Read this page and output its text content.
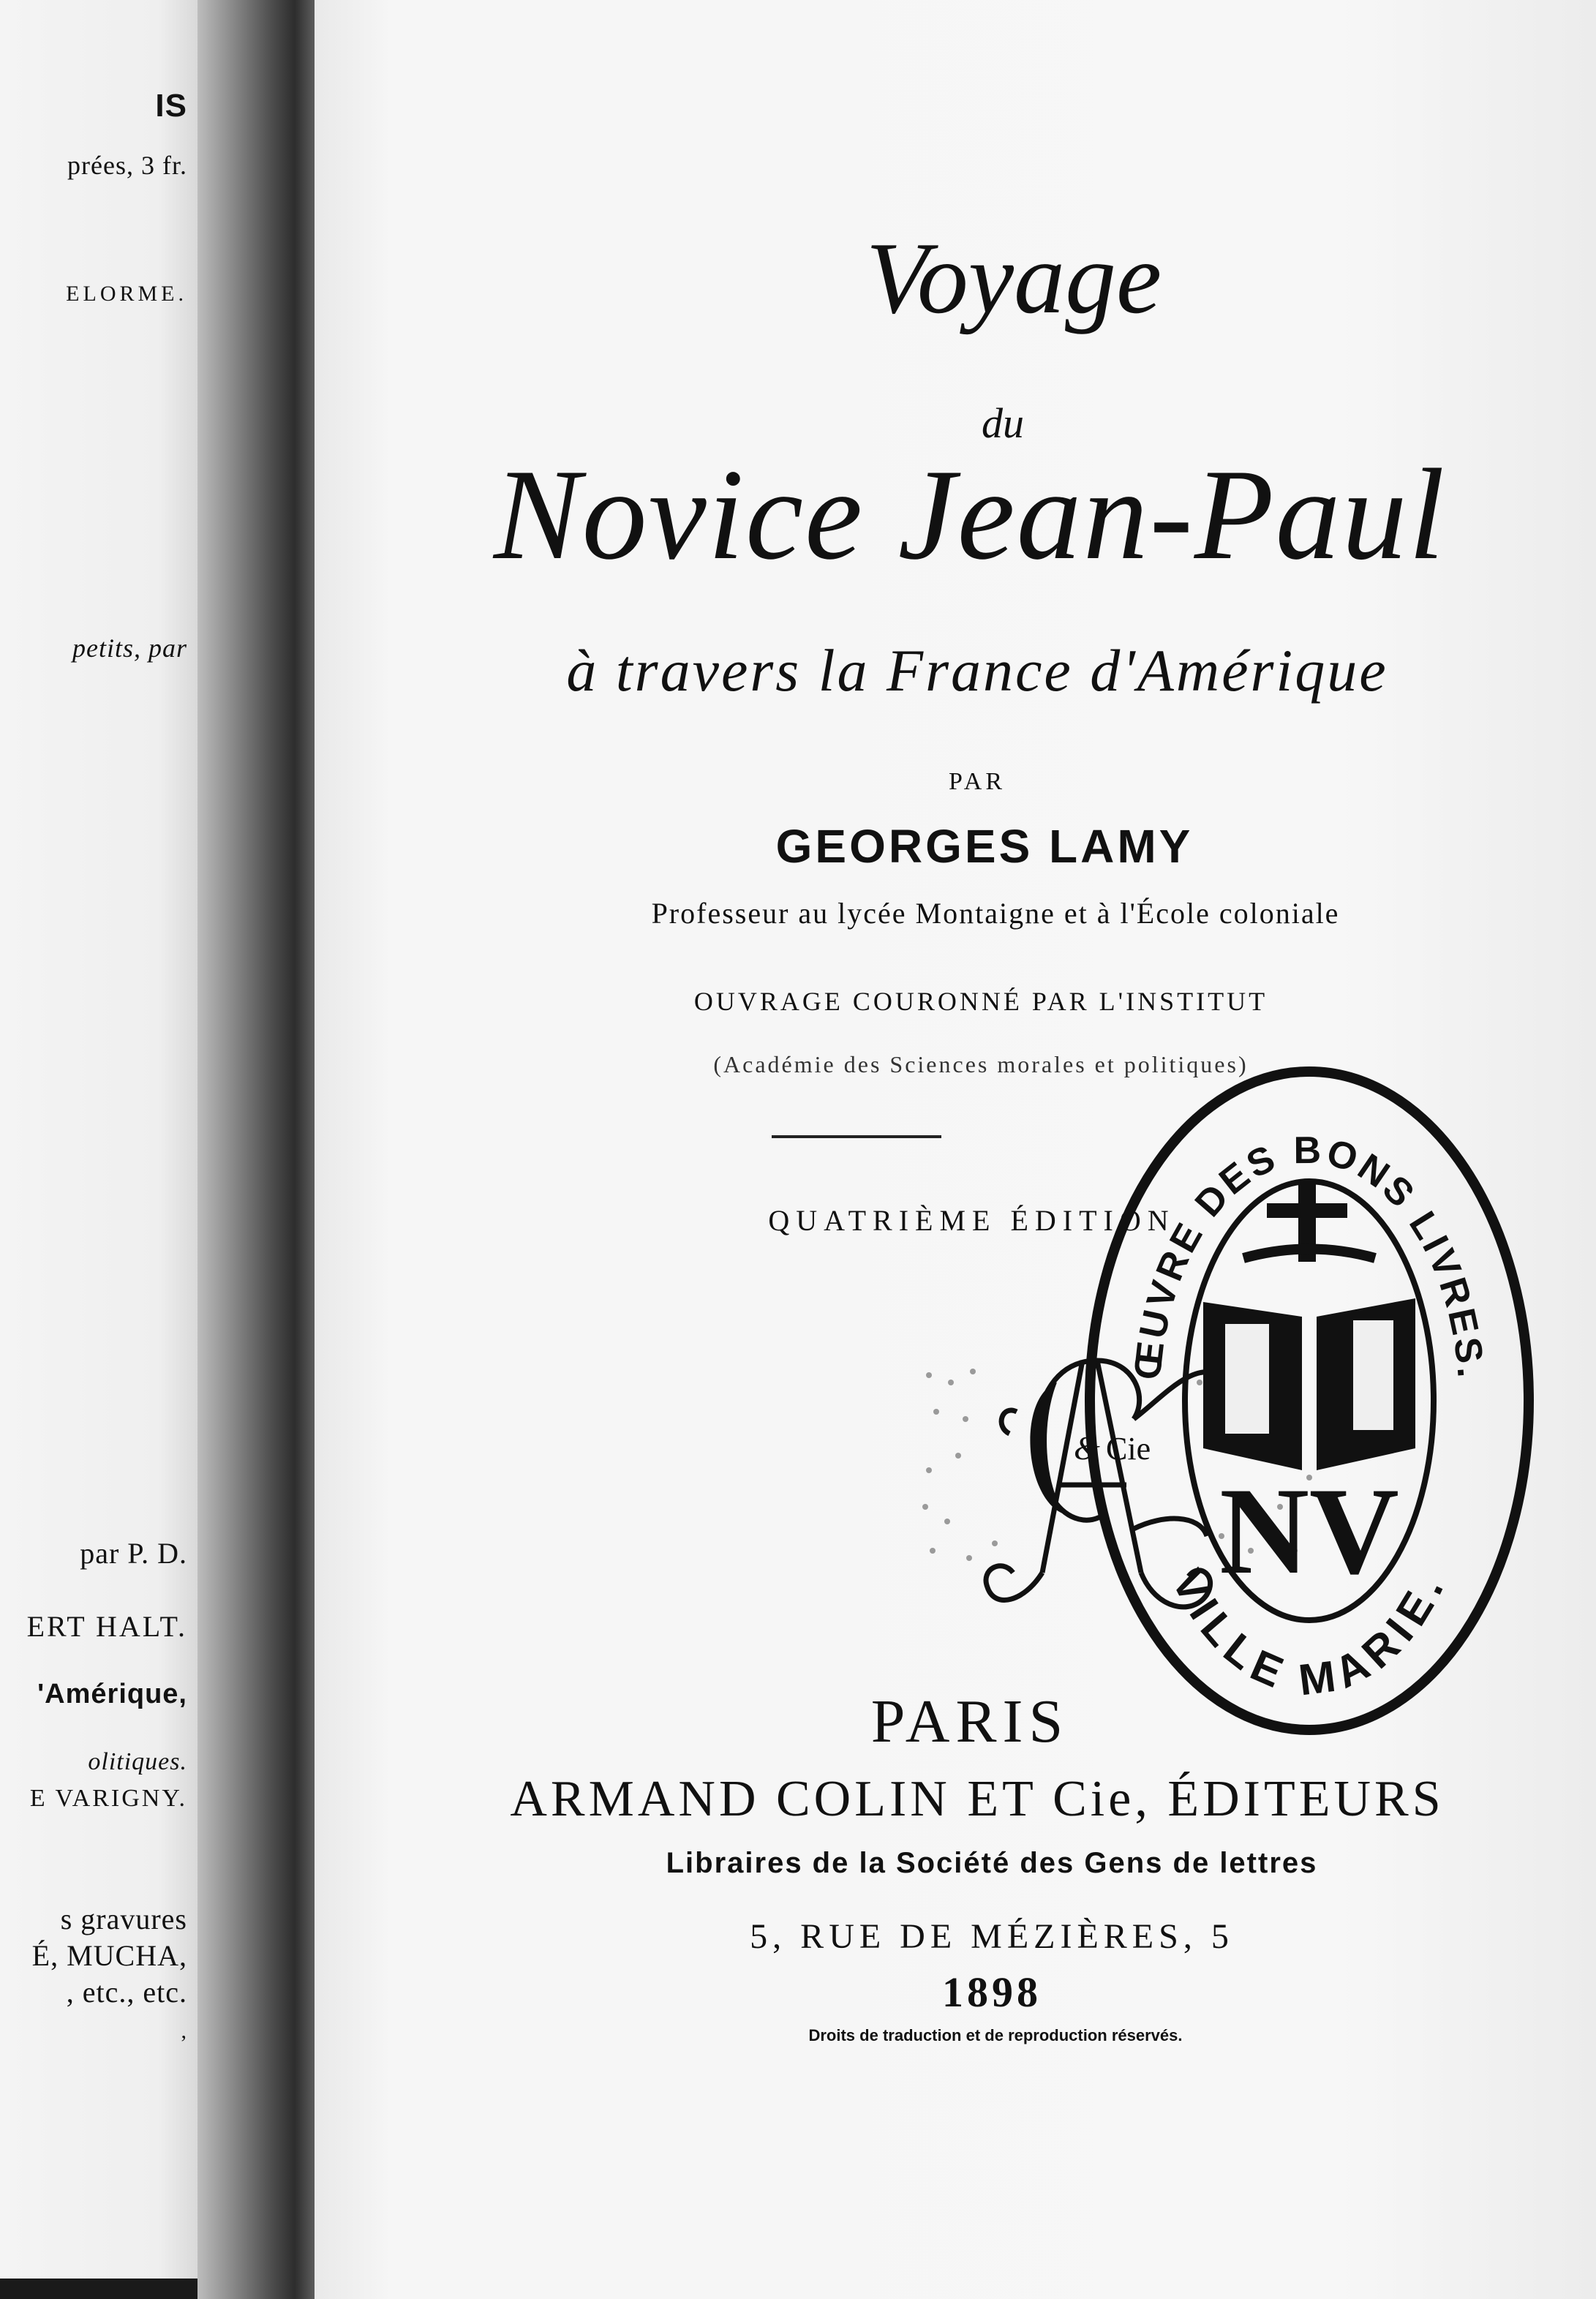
IS
prées, 3 fr.
ELORME.
petits, par
par P. D.
ERT HALT.
'Amérique,
olitiques.
E VARIGNY.
s gravures
É, MUCHA,
, etc., etc.
,
Voyage
du
Novice Jean-Paul
à travers la France d'Amérique
PAR
GEORGES LAMY
Professeur au lycée Montaigne et à l'École coloniale
OUVRAGE COURONNÉ PAR L'INSTITUT
(Académie des Sciences morales et politiques)
QUATRIÈME ÉDITION
& Cie
PARIS
ARMAND COLIN ET Cie, ÉDITEURS
Libraires de la Société des Gens de lettres
5, RUE DE MÉZIÈRES, 5
1898
Droits de traduction et de reproduction réservés.
ŒUVRE DES BONS LIVRES.
VILLE MARIE.
NV
